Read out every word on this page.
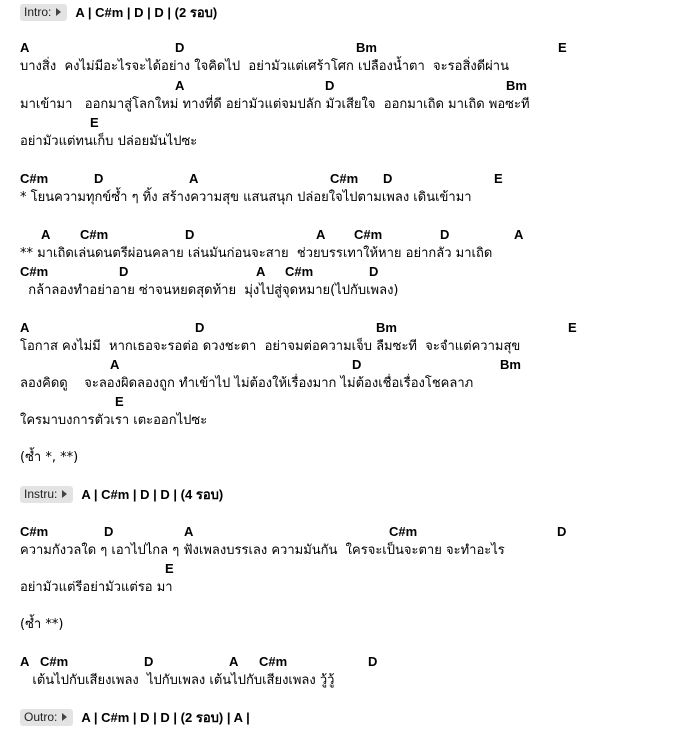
Intro: A | C#m | D | D | (2 รอบ)
A	D	Bm	E
บางสิ่ง  คงไม่มีอะไรจะได้อย่าง ใจคิดไป  อย่ามัวแต่เศร้าโศก เปลืองน้ำตา  จะรอสิ่งดีผ่าน
A	D	Bm
มาเข้ามา   ออกมาสู่โลกใหม่ ทางที่ดี อย่ามัวแต่จมปลัก มัวเสียใจ  ออกมาเถิด มาเถิด พอซะที
E
อย่ามัวแต่ทนเก็บ ปล่อยมันไปซะ
C#m	D	A	C#m D	E
* โยนความทุกข์ซ้ำ ๆ ทิ้ง สร้างความสุข แสนสนุก ปล่อยใจไปตามเพลง เดินเข้ามา
A C#m	D	A C#m	D	A
** มาเถิดเล่นดนตรีผ่อนคลาย เล่นมันก่อนจะสาย  ช่วยบรรเทาให้หาย อย่ากลัว มาเถิด
C#m	D	A C#m	D
กล้าลองทำอย่าอาย ซ่าจนหยดสุดท้าย  มุ่งไปสู่จุดหมาย(ไปกับเพลง)
A	D	Bm	E
โอกาส คงไม่มี  หากเธอจะรอต่อ ดวงชะตา  อย่าจมต่อความเจ็บ ลืมซะที  จะจำแต่ความสุข
A	D	Bm
ลองคิดดู    จะลองผิดลองถูก ทำเข้าไป ไม่ต้องให้เรื่องมาก ไม่ต้องเชื่อเรื่องโชคลาภ
E
ใครมาบงการตัวเรา เตะออกไปซะ
(ซ้ำ *, **)
Instru: A | C#m | D | D | (4 รอบ)
C#m	D	A	C#m	D
ความกังวลใด ๆ เอาไปไกล ๆ ฟังเพลงบรรเลง ความมันกัน  ใครจะเป็นจะตาย จะทำอะไร
E
อย่ามัวแต่รีอย่ามัวแต่รอ มา
(ซ้ำ **)
A C#m	D	A C#m	D
เต้นไปกับเสียงเพลง  ไปกับเพลง เต้นไปกับเสียงเพลง วู้วู้
Outro: A | C#m | D | D | (2 รอบ) | A |
